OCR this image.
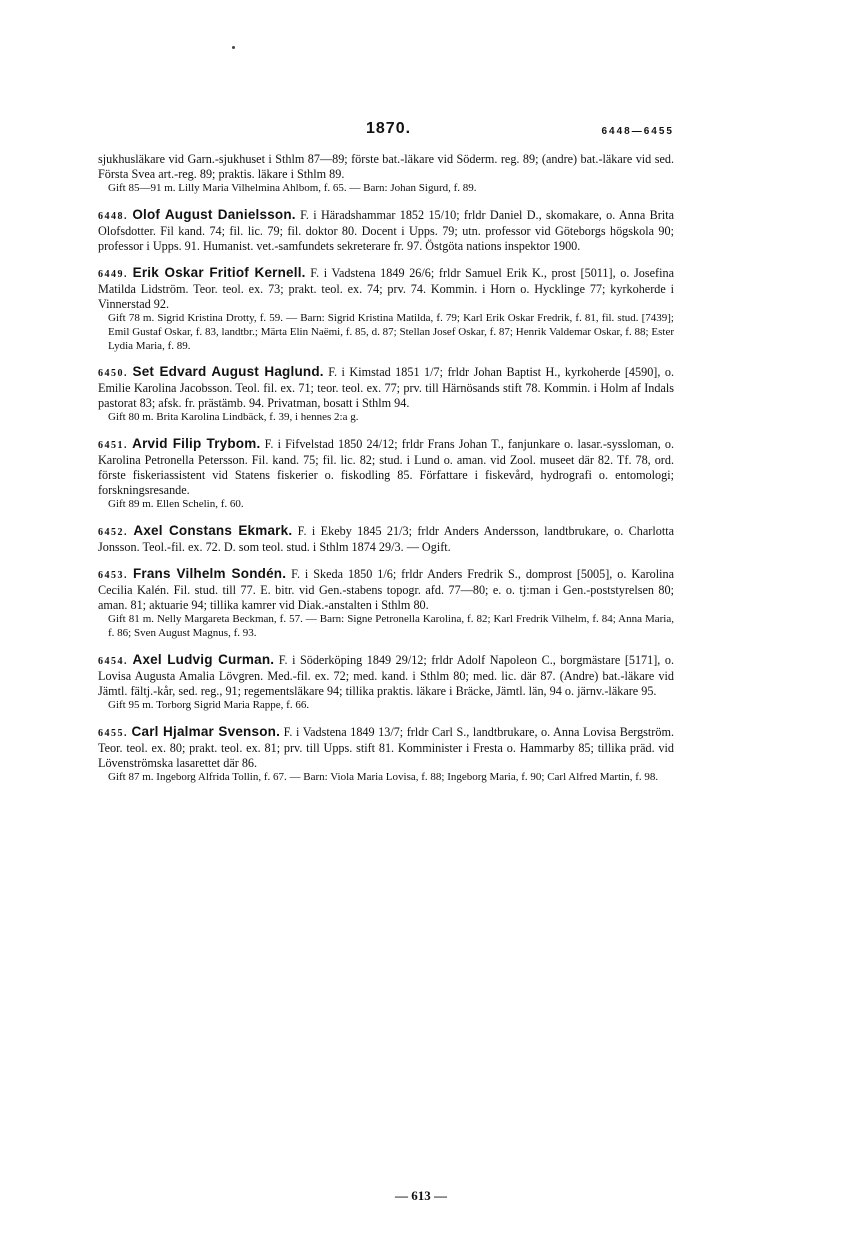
1870.	6448—6455

sjukhusläkare vid Garn.-sjukhuset i Sthlm 87—89; förste bat.-läkare vid Söderm. reg. 89; (andre) bat.-läkare vid sed. Första Svea art.-reg. 89; praktis. läkare i Sthlm 89.

Gift 85—91 m. Lilly Maria Vilhelmina Ahlbom, f. 65. — Barn: Johan Sigurd, f. 89.

6448. Olof August Danielsson. F. i Häradshammar 1852 15/10; frldr Daniel D., skomakare, o. Anna Brita Olofsdotter. Fil kand. 74; fil. lic. 79; fil. doktor 80. Docent i Upps. 79; utn. professor vid Göteborgs högskola 90; professor i Upps. 91. Humanist. vet.-samfundets sekreterare fr. 97. Östgöta nations inspektor 1900.

6449. Erik Oskar Fritiof Kernell. F. i Vadstena 1849 26/6; frldr Samuel Erik K., prost [5011], o. Josefina Matilda Lidström. Teor. teol. ex. 73; prakt. teol. ex. 74; prv. 74. Kommin. i Horn o. Hycklinge 77; kyrkoherde i Vinnerstad 92.

Gift 78 m. Sigrid Kristina Drotty, f. 59. — Barn: Sigrid Kristina Matilda, f. 79; Karl Erik Oskar Fredrik, f. 81, fil. stud. [7439]; Emil Gustaf Oskar, f. 83, landtbr.; Märta Elin Naëmi, f. 85, d. 87; Stellan Josef Oskar, f. 87; Henrik Valdemar Oskar, f. 88; Ester Lydia Maria, f. 89.

6450. Set Edvard August Haglund. F. i Kimstad 1851 1/7; frldr Johan Baptist H., kyrkoherde [4590], o. Emilie Karolina Jacobsson. Teol. fil. ex. 71; teor. teol. ex. 77; prv. till Härnösands stift 78. Kommin. i Holm af Indals pastorat 83; afsk. fr. prästämb. 94. Privatman, bosatt i Sthlm 94.

Gift 80 m. Brita Karolina Lindbäck, f. 39, i hennes 2:a g.

6451. Arvid Filip Trybom. F. i Fifvelstad 1850 24/12; frldr Frans Johan T., fanjunkare o. lasar.-syssloman, o. Karolina Petronella Petersson. Fil. kand. 75; fil. lic. 82; stud. i Lund o. aman. vid Zool. museet där 82. Tf. 78, ord. förste fiskeriassistent vid Statens fiskerier o. fiskodling 85. Författare i fiskevård, hydrografi o. entomologi; forskningsresande.

Gift 89 m. Ellen Schelin, f. 60.

6452. Axel Constans Ekmark. F. i Ekeby 1845 21/3; frldr Anders Andersson, landtbrukare, o. Charlotta Jonsson. Teol.-fil. ex. 72. D. som teol. stud. i Sthlm 1874 29/3. — Ogift.

6453. Frans Vilhelm Sondén. F. i Skeda 1850 1/6; frldr Anders Fredrik S., domprost [5005], o. Karolina Cecilia Kalén. Fil. stud. till 77. E. bitr. vid Gen.-stabens topogr. afd. 77—80; e. o. tj:man i Gen.-poststyrelsen 80; aman. 81; aktuarie 94; tillika kamrer vid Diak.-anstalten i Sthlm 80.

Gift 81 m. Nelly Margareta Beckman, f. 57. — Barn: Signe Petronella Karolina, f. 82; Karl Fredrik Vilhelm, f. 84; Anna Maria, f. 86; Sven August Magnus, f. 93.

6454. Axel Ludvig Curman. F. i Söderköping 1849 29/12; frldr Adolf Napoleon C., borgmästare [5171], o. Lovisa Augusta Amalia Lövgren. Med.-fil. ex. 72; med. kand. i Sthlm 80; med. lic. där 87. (Andre) bat.-läkare vid Jämtl. fältj.-kår, sed. reg., 91; regementsläkare 94; tillika praktis. läkare i Bräcke, Jämtl. län, 94 o. järnv.-läkare 95.

Gift 95 m. Torborg Sigrid Maria Rappe, f. 66.

6455. Carl Hjalmar Svenson. F. i Vadstena 1849 13/7; frldr Carl S., landtbrukare, o. Anna Lovisa Bergström. Teor. teol. ex. 80; prakt. teol. ex. 81; prv. till Upps. stift 81. Komminister i Fresta o. Hammarby 85; tillika präd. vid Lövenströmska lasarettet där 86.

Gift 87 m. Ingeborg Alfrida Tollin, f. 67. — Barn: Viola Maria Lovisa, f. 88; Ingeborg Maria, f. 90; Carl Alfred Martin, f. 98.

— 613 —
